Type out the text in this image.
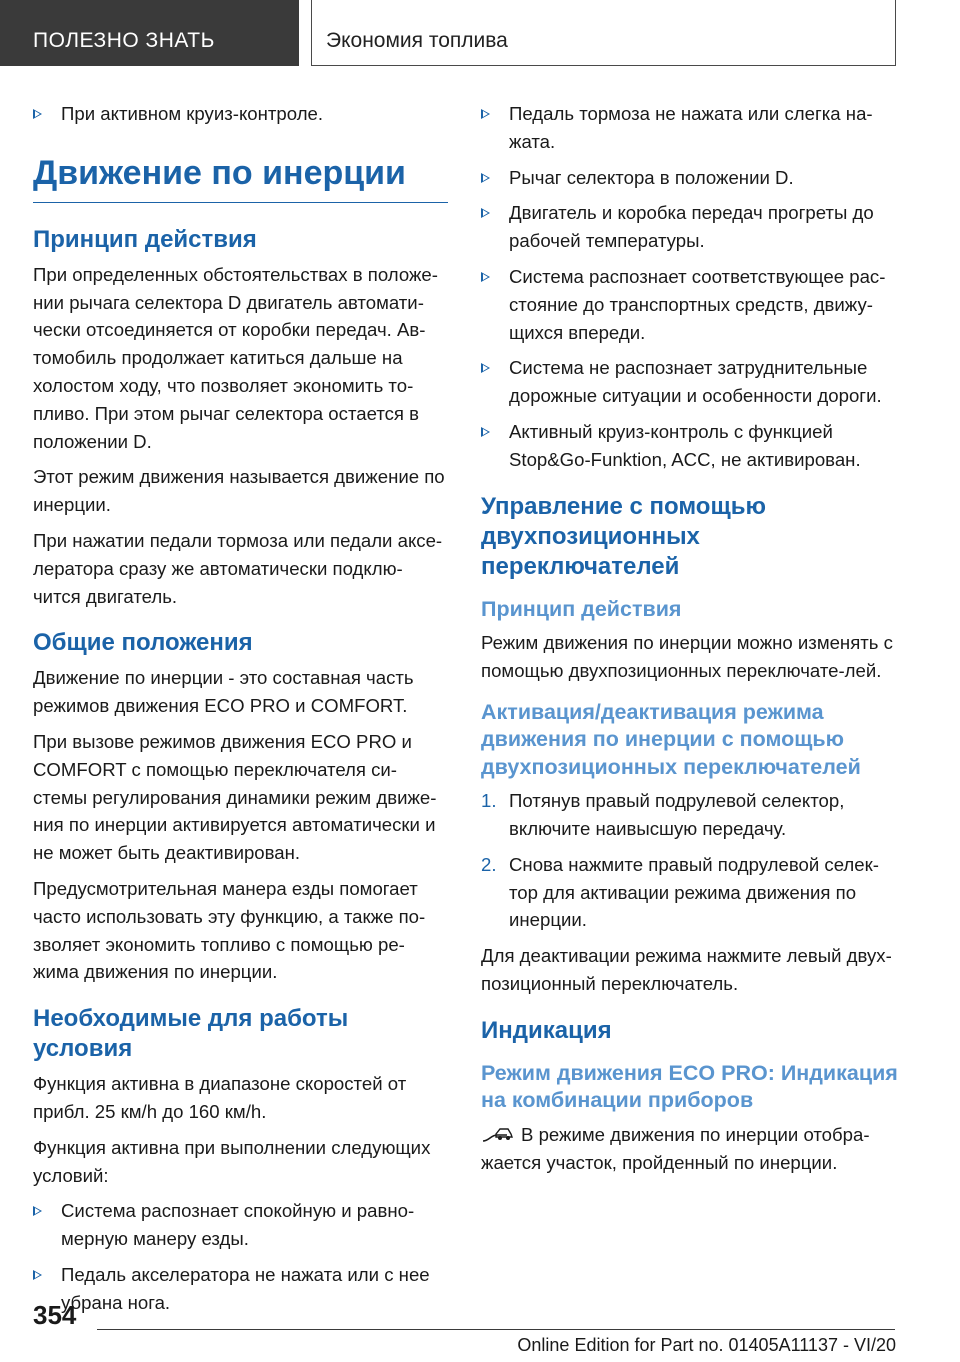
ПОЛЕЗНО ЗНАТЬ	Экономия топлива
При активном круиз-контроле.
Движение по инерции
Принцип действия

При определенных обстоятельствах в положе-нии рычага селектора D двигатель автомати-чески отсоединяется от коробки передач. Ав-томобиль продолжает катиться дальше на холостом ходу, что позволяет экономить то-пливо. При этом рычаг селектора остается в положении D.

Этот режим движения называется движение по инерции.

При нажатии педали тормоза или педали аксе-лератора сразу же автоматически подклю-чится двигатель.

Общие положения

Движение по инерции - это составная часть режимов движения ECO PRO и COMFORT.

При вызове режимов движения ECO PRO и COMFORT с помощью переключателя си-стемы регулирования динамики режим движе-ния по инерции активируется автоматически и не может быть деактивирован.

Предусмотрительная манера езды помогает часто использовать эту функцию, а также по-зволяет экономить топливо с помощью ре-жима движения по инерции.

Необходимые для работы условия

Функция активна в диапазоне скоростей от прибл. 25 км/h до 160 км/h.

Функция активна при выполнении следующих условий:

Система распознает спокойную и равно-мерную манеру езды.
Педаль акселератора не нажата или с нее убрана нога.
Педаль тормоза не нажата или слегка на-жата.
Рычаг селектора в положении D.
Двигатель и коробка передач прогреты до рабочей температуры.
Система распознает соответствующее рас-стояние до транспортных средств, движу-щихся впереди.
Система не распознает затруднительные дорожные ситуации и особенности дороги.
Активный круиз-контроль с функцией Stop&Go-Funktion, ACC, не активирован.
Управление с помощью двухпозиционных переключателей
Принцип действия

Режим движения по инерции можно изменять с помощью двухпозиционных переключате-лей.

Активация/деактивация режима движения по инерции с помощью двухпозиционных переключателей
1. Потянув правый подрулевой селектор, включите наивысшую передачу.
2. Снова нажмите правый подрулевой селек-тор для активации режима движения по инерции.

Для деактивации режима нажмите левый двух-позиционный переключатель.

Индикация
Режим движения ECO PRO: Индикация на комбинации приборов

В режиме движения по инерции отобра-жается участок, пройденный по инерции.

354
Online Edition for Part no. 01405A11137 - VI/20
